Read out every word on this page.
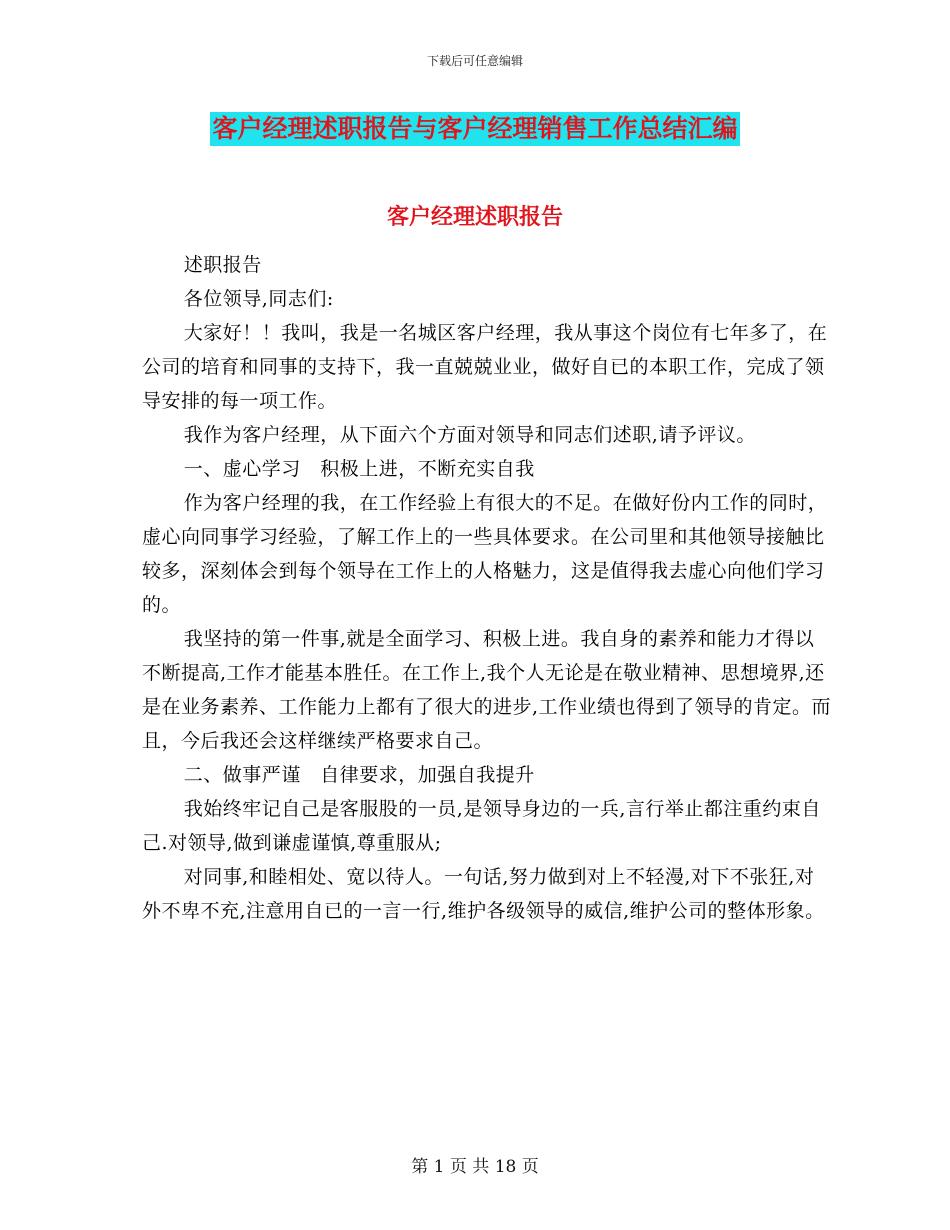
下载后可任意编辑
客户经理述职报告与客户经理销售工作总结汇编
客户经理述职报告

述职报告

各位领导,同志们:

大家好！！我叫，我是一名城区客户经理，我从事这个岗位有七年多了，在公司的培育和同事的支持下，我一直兢兢业业，做好自已的本职工作，完成了领导安排的每一项工作。

我作为客户经理，从下面六个方面对领导和同志们述职,请予评议。

一、虚心学习　积极上进，不断充实自我

作为客户经理的我，在工作经验上有很大的不足。在做好份内工作的同时，虚心向同事学习经验，了解工作上的一些具体要求。在公司里和其他领导接触比较多，深刻体会到每个领导在工作上的人格魅力，这是值得我去虚心向他们学习的。

我坚持的第一件事,就是全面学习、积极上进。我自身的素养和能力才得以不断提高,工作才能基本胜任。在工作上,我个人无论是在敬业精神、思想境界,还是在业务素养、工作能力上都有了很大的进步,工作业绩也得到了领导的肯定。而且，今后我还会这样继续严格要求自己。

二、做事严谨　自律要求，加强自我提升

我始终牢记自己是客服股的一员,是领导身边的一兵,言行举止都注重约束自己.对领导,做到谦虚谨慎,尊重服从;

对同事,和睦相处、宽以待人。一句话,努力做到对上不轻漫,对下不张狂,对外不卑不充,注意用自已的一言一行,维护各级领导的威信,维护公司的整体形象。

第 1 页 共 18 页
